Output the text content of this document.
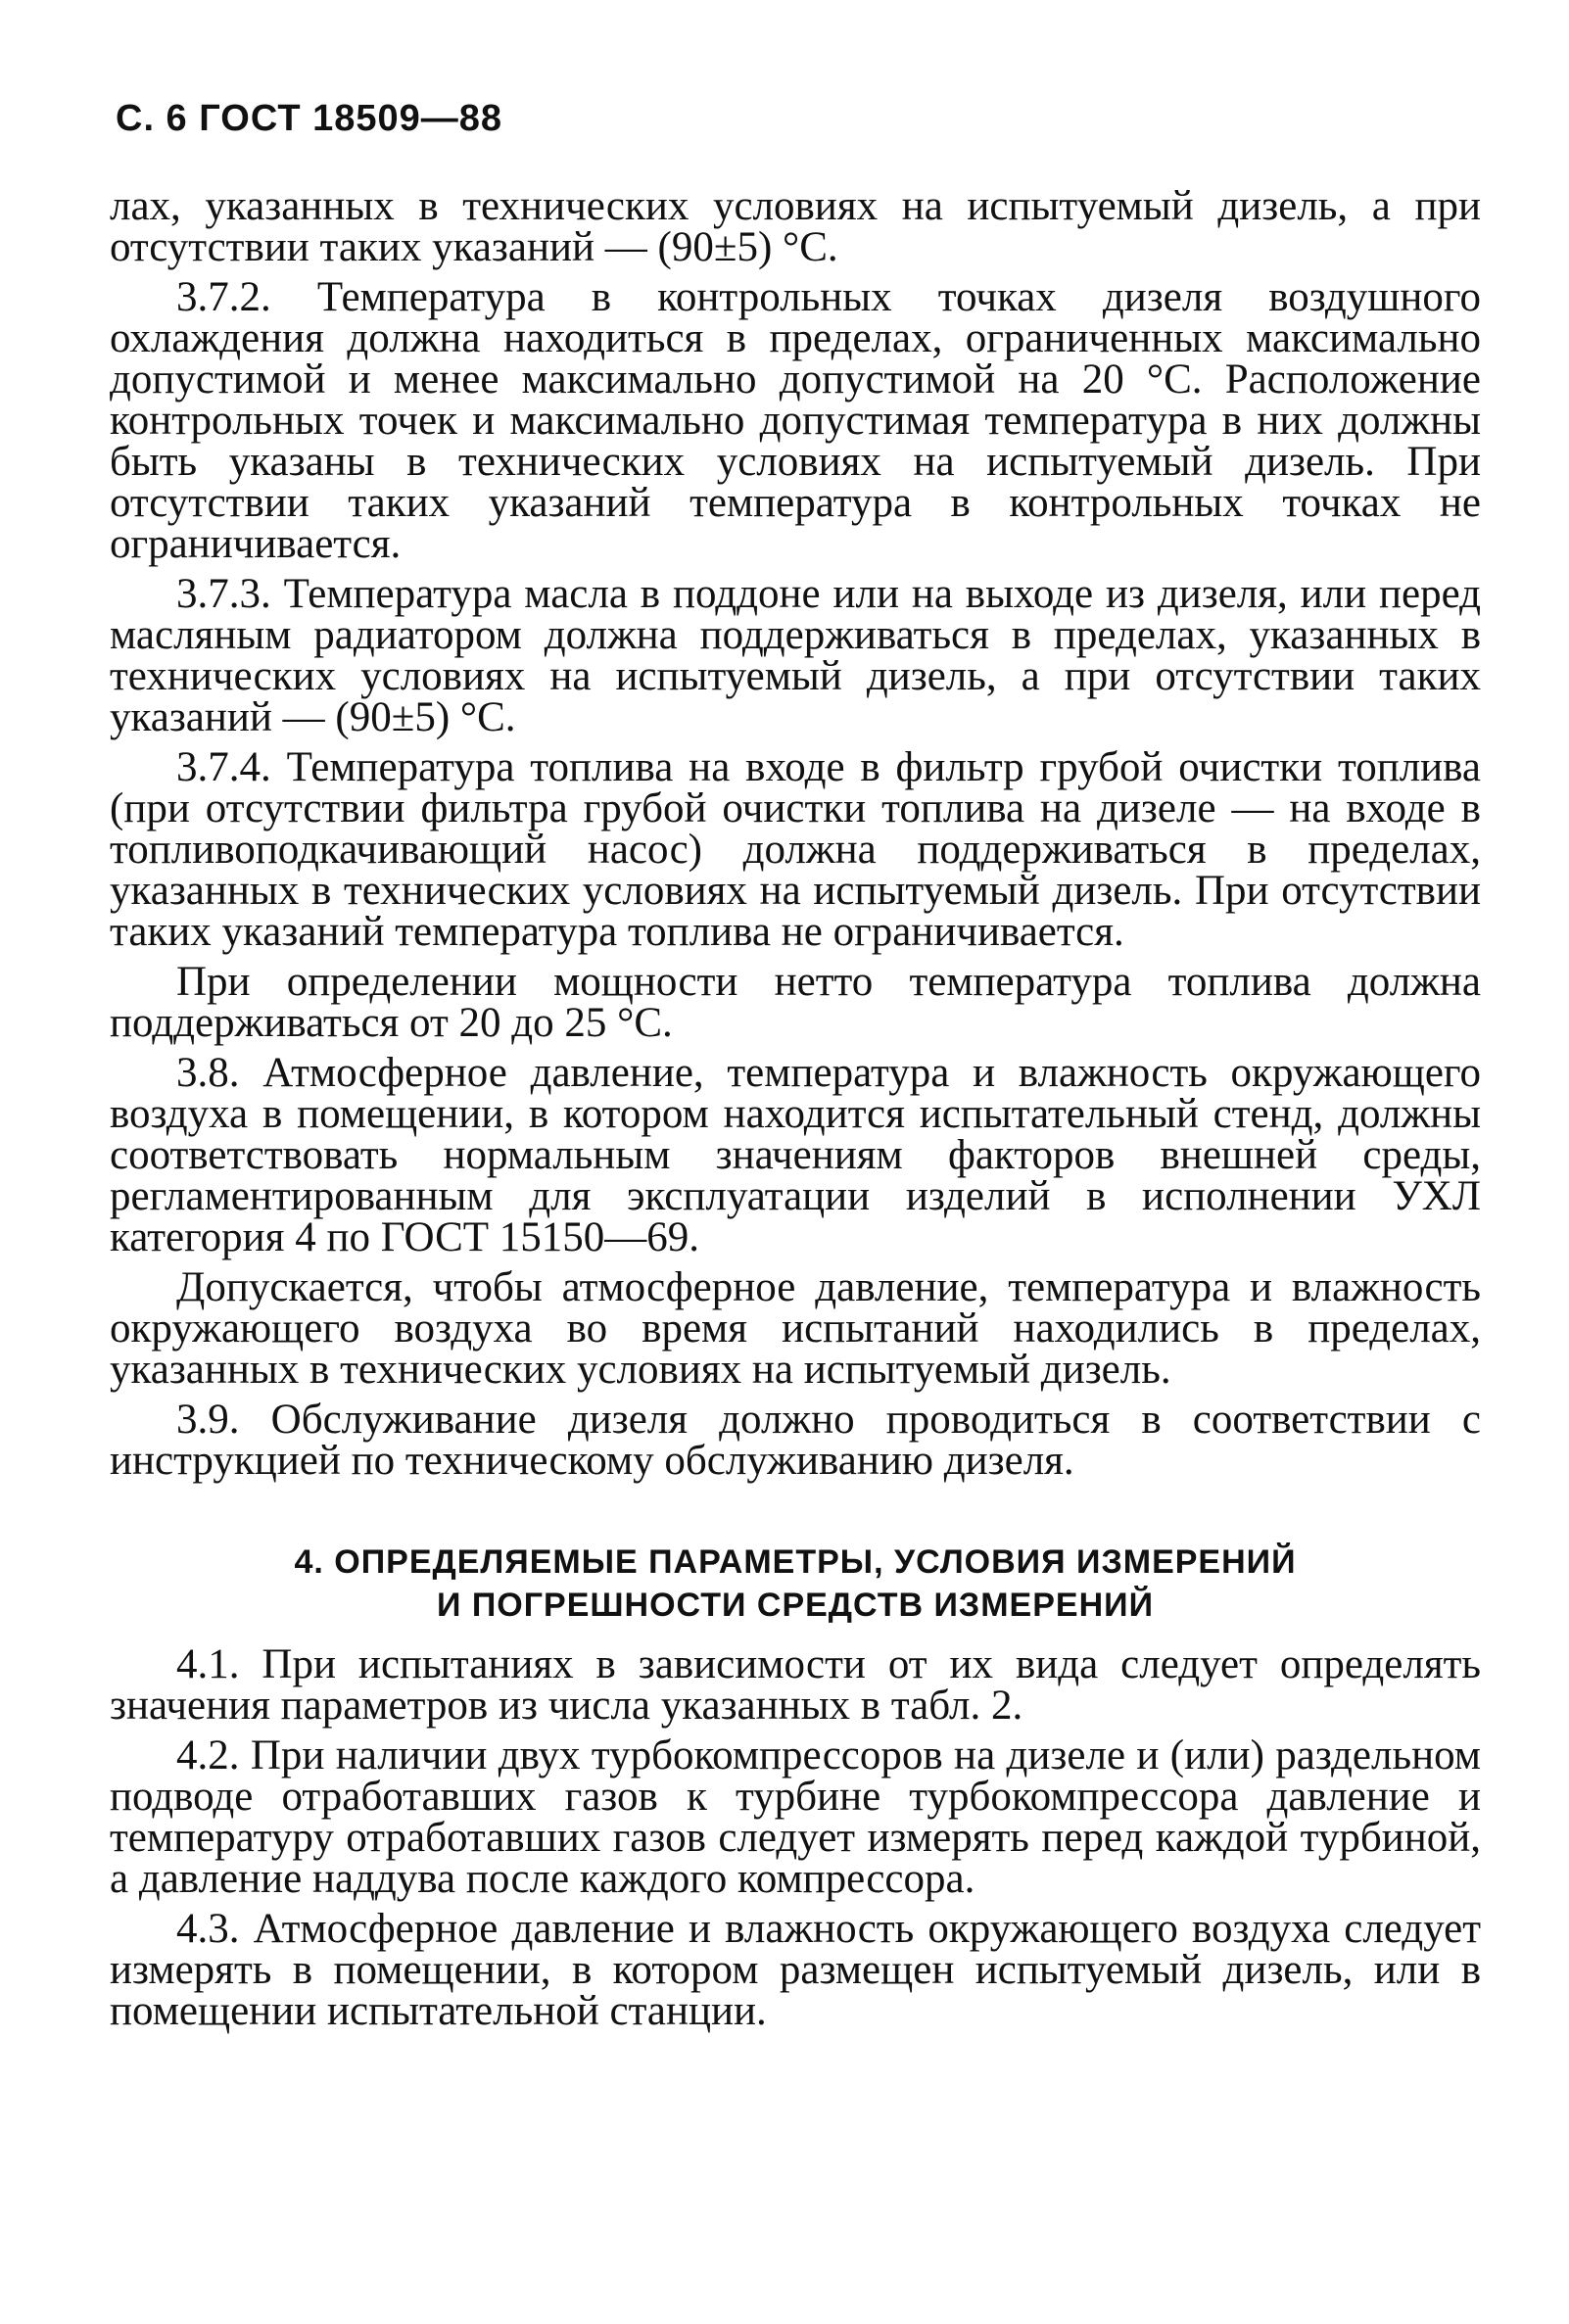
С. 6 ГОСТ 18509—88

лах, указанных в технических условиях на испытуемый дизель, а при отсутствии таких указаний — (90±5) °С.

3.7.2. Температура в контрольных точках дизеля воздушного охлаждения должна находиться в пределах, ограниченных максимально допустимой и менее максимально допустимой на 20 °С. Расположение контрольных точек и максимально допустимая температура в них должны быть указаны в технических условиях на испытуемый дизель. При отсутствии таких указаний температура в контрольных точках не ограничивается.

3.7.3. Температура масла в поддоне или на выходе из дизеля, или перед масляным радиатором должна поддерживаться в пределах, указанных в технических условиях на испытуемый дизель, а при отсутствии таких указаний — (90±5) °С.

3.7.4. Температура топлива на входе в фильтр грубой очистки топлива (при отсутствии фильтра грубой очистки топлива на дизеле — на входе в топливоподкачивающий насос) должна поддерживаться в пределах, указанных в технических условиях на испытуемый дизель. При отсутствии таких указаний температура топлива не ограничивается.

При определении мощности нетто температура топлива должна поддерживаться от 20 до 25 °С.

3.8. Атмосферное давление, температура и влажность окружающего воздуха в помещении, в котором находится испытательный стенд, должны соответствовать нормальным значениям факторов внешней среды, регламентированным для эксплуатации изделий в исполнении УХЛ категория 4 по ГОСТ 15150—69.

Допускается, чтобы атмосферное давление, температура и влажность окружающего воздуха во время испытаний находились в пределах, указанных в технических условиях на испытуемый дизель.

3.9. Обслуживание дизеля должно проводиться в соответствии с инструкцией по техническому обслуживанию дизеля.

4. ОПРЕДЕЛЯЕМЫЕ ПАРАМЕТРЫ, УСЛОВИЯ ИЗМЕРЕНИЙ
И ПОГРЕШНОСТИ СРЕДСТВ ИЗМЕРЕНИЙ

4.1. При испытаниях в зависимости от их вида следует определять значения параметров из числа указанных в табл. 2.

4.2. При наличии двух турбокомпрессоров на дизеле и (или) раздельном подводе отработавших газов к турбине турбокомпрессора давление и температуру отработавших газов следует измерять перед каждой турбиной, а давление наддува после каждого компрессора.

4.3. Атмосферное давление и влажность окружающего воздуха следует измерять в помещении, в котором размещен испытуемый дизель, или в помещении испытательной станции.
